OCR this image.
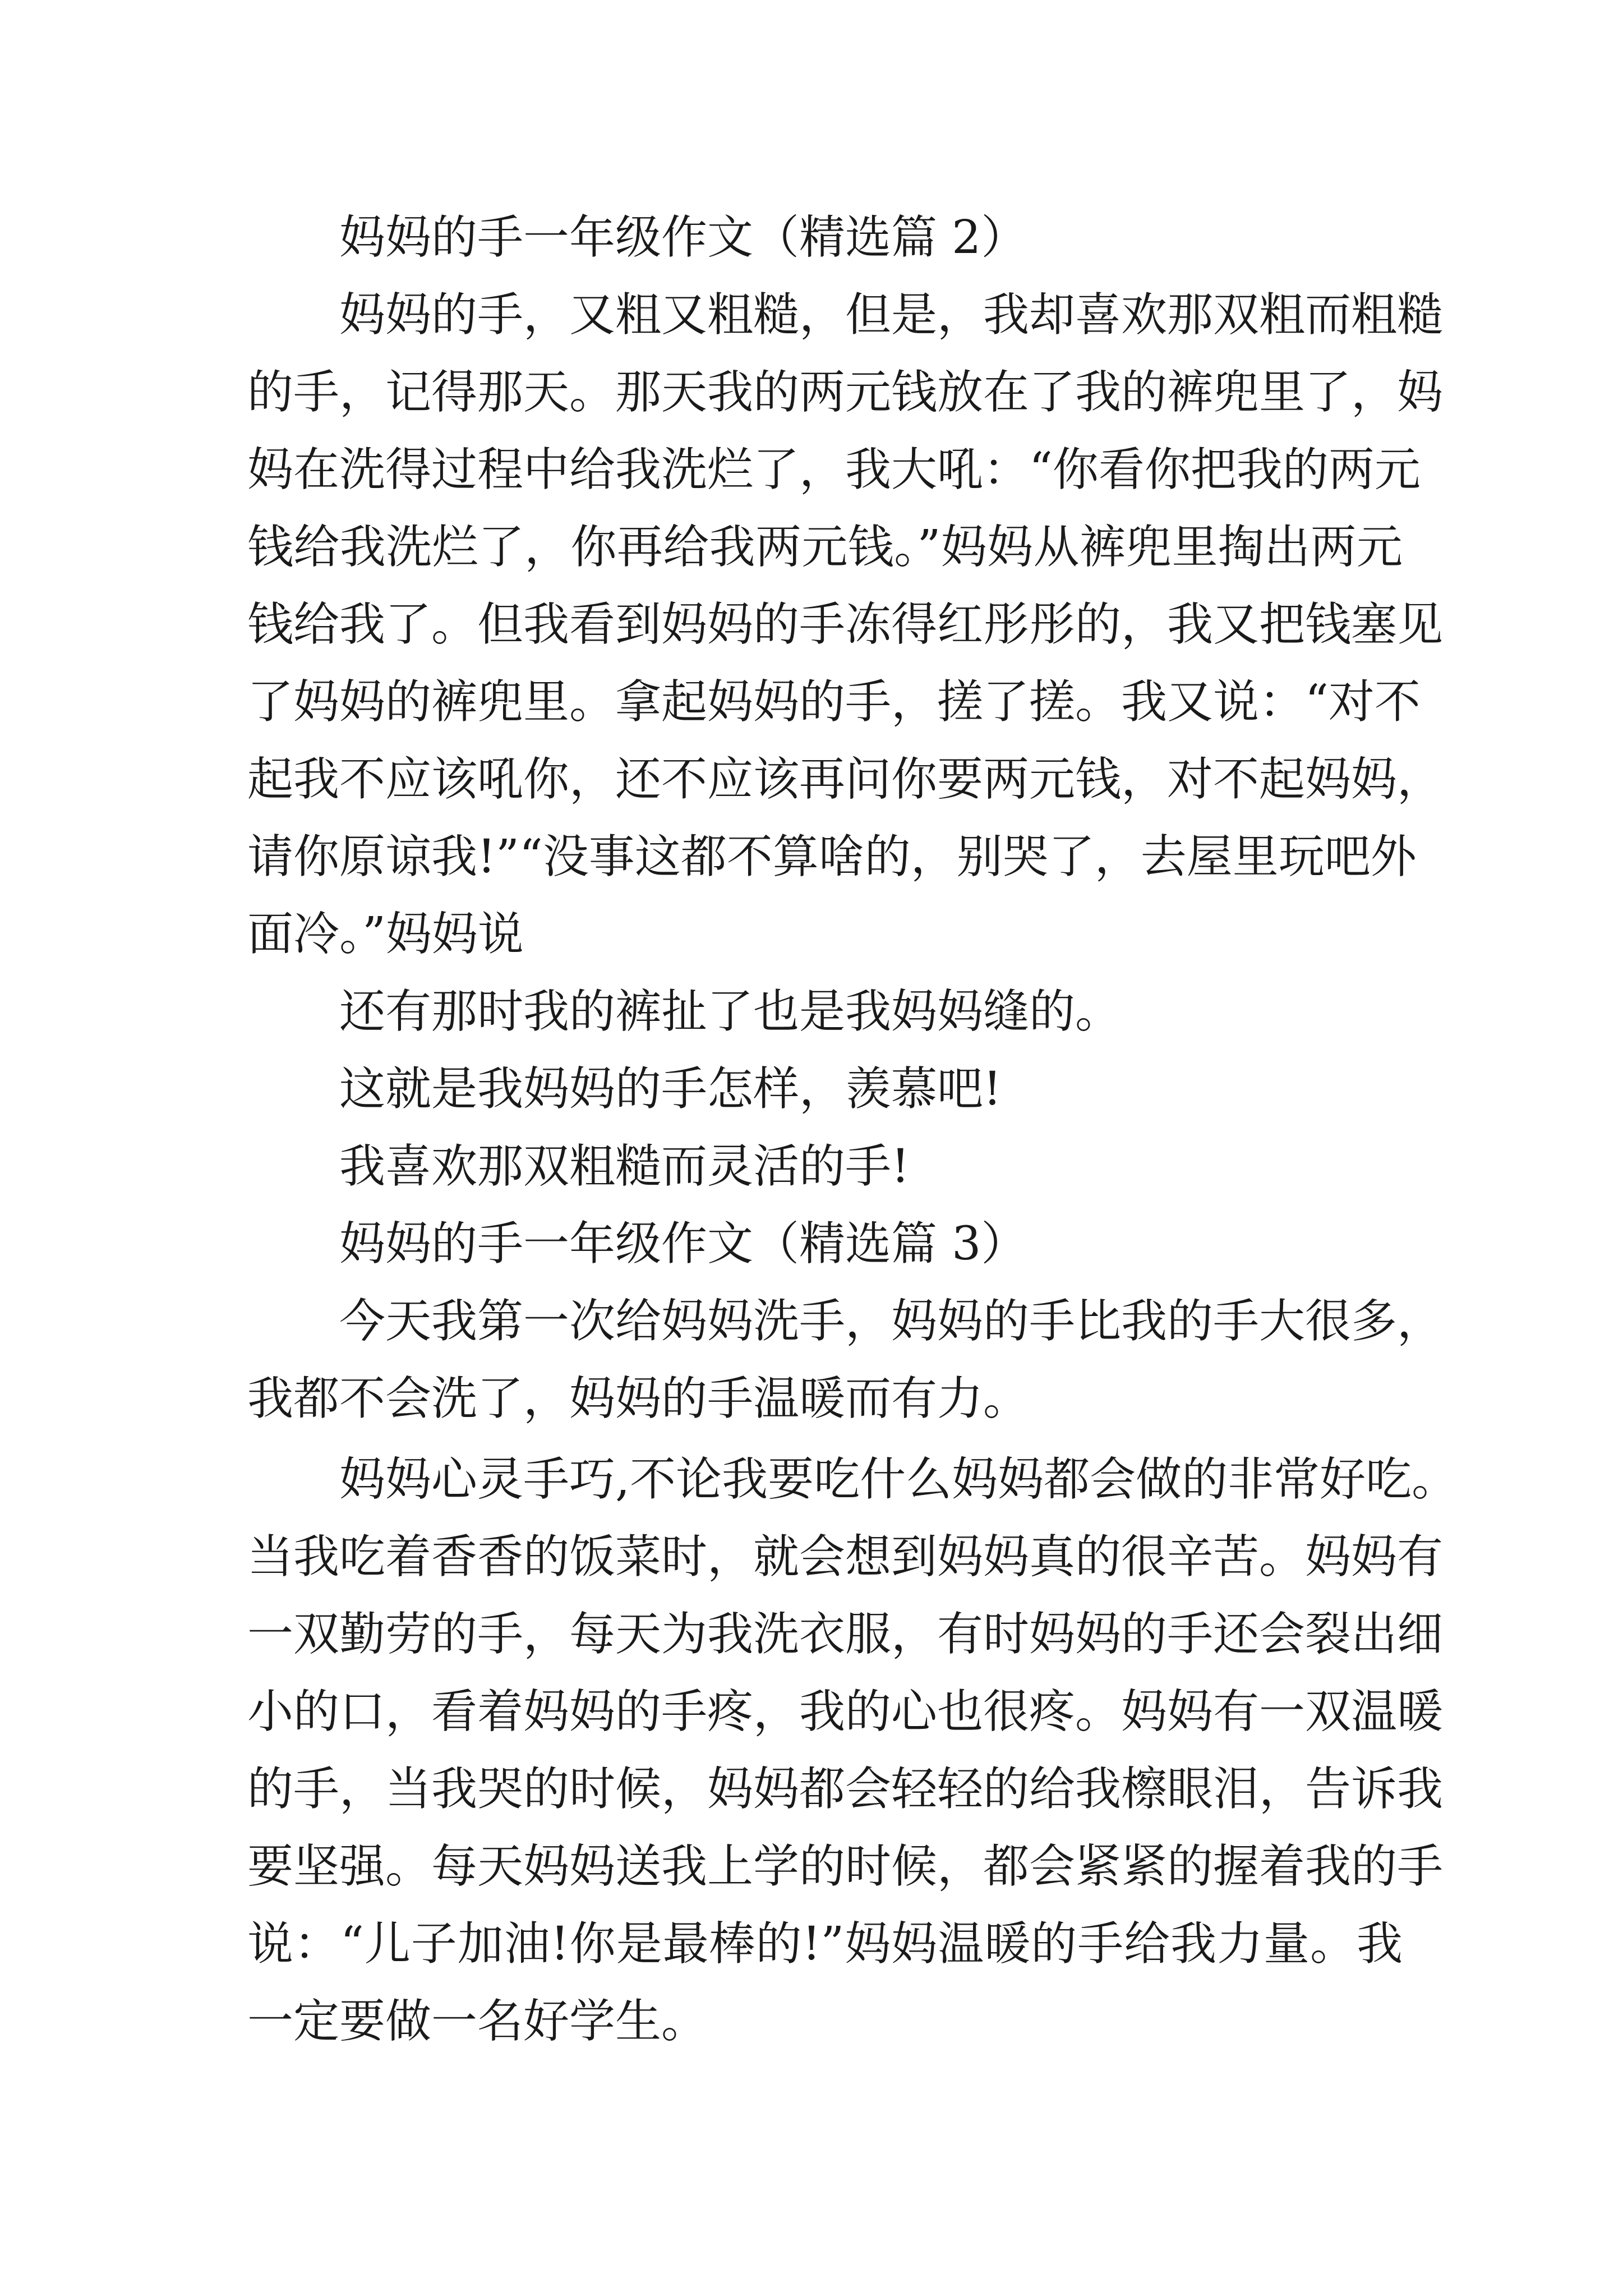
妈妈的手一年级作文（精选篇 2）
妈妈的手，又粗又粗糙，但是，我却喜欢那双粗而粗糙
的手，记得那天。那天我的两元钱放在了我的裤兜里了，妈
妈在洗得过程中给我洗烂了，我大吼：“你看你把我的两元
钱给我洗烂了，你再给我两元钱。”妈妈从裤兜里掏出两元
钱给我了。但我看到妈妈的手冻得红彤彤的，我又把钱塞见
了妈妈的裤兜里。拿起妈妈的手，搓了搓。我又说：“对不
起我不应该吼你，还不应该再问你要两元钱，对不起妈妈，
请你原谅我!”“没事这都不算啥的，别哭了，去屋里玩吧外
面冷。”妈妈说
还有那时我的裤扯了也是我妈妈缝的。
这就是我妈妈的手怎样，羡慕吧!
我喜欢那双粗糙而灵活的手!
妈妈的手一年级作文（精选篇 3）
今天我第一次给妈妈洗手，妈妈的手比我的手大很多，
我都不会洗了，妈妈的手温暖而有力。
妈妈心灵手巧,不论我要吃什么妈妈都会做的非常好吃。
当我吃着香香的饭菜时，就会想到妈妈真的很辛苦。妈妈有
一双勤劳的手，每天为我洗衣服，有时妈妈的手还会裂出细
小的口，看着妈妈的手疼，我的心也很疼。妈妈有一双温暖
的手，当我哭的时候，妈妈都会轻轻的给我檫眼泪，告诉我
要坚强。每天妈妈送我上学的时候，都会紧紧的握着我的手
说：“儿子加油!你是最棒的!”妈妈温暖的手给我力量。我
一定要做一名好学生。
